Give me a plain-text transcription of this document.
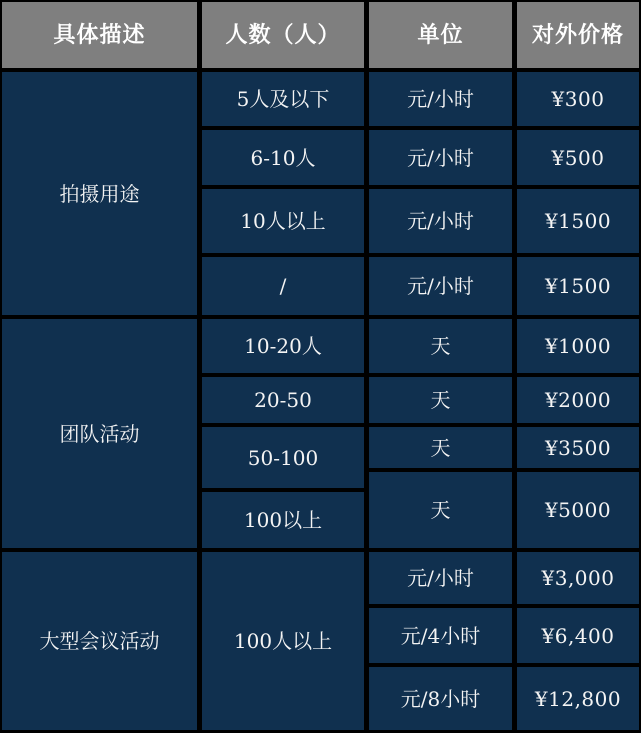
具体描述
拍摄用途
团队活动
大型会议活动
人数（人）
5人及以下
6-10人
10人以上
/
10-20人
20-50
50-100
100以上
100人以上
单位
元/小时
元/小时
元/小时
元/小时
天
天
天
天
元/小时
元/4小时
元/8小时
对外价格
¥300
¥500
¥1500
¥1500
¥1000
¥2000
¥3500
¥5000
¥3,000
¥6,400
¥12,800
